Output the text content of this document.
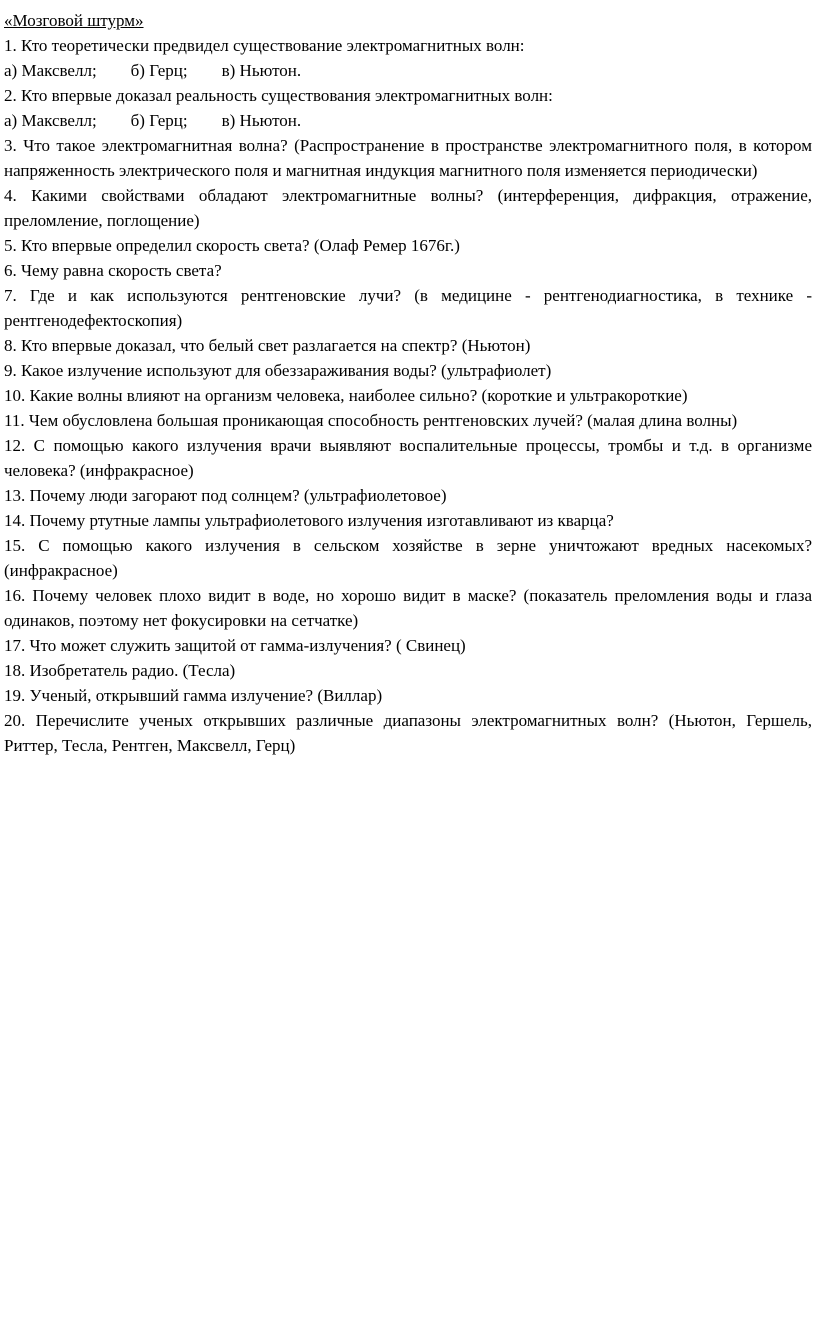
«Мозговой штурм»

1. Кто теоретически предвидел существование электромагнитных волн:

а) Максвелл;        б) Герц;        в) Ньютон.

2. Кто впервые доказал реальность существования электромагнитных волн:

а) Максвелл;        б) Герц;        в) Ньютон.

3. Что такое электромагнитная волна? (Распространение в пространстве электромагнитного поля, в котором напряженность электрического поля и магнитная индукция магнитного поля изменяется периодически)

4. Какими свойствами обладают электромагнитные волны? (интерференция, дифракция, отражение, преломление, поглощение)

5. Кто впервые определил скорость света? (Олаф Ремер 1676г.)

6. Чему равна скорость света?

7. Где и как используются рентгеновские лучи? (в медицине - рентгенодиагностика, в технике - рентгенодефектоскопия)

8. Кто впервые доказал, что белый свет разлагается на спектр? (Ньютон)

9. Какое излучение используют для обеззараживания воды? (ультрафиолет)

10. Какие волны влияют на организм человека, наиболее сильно? (короткие и ультракороткие)

11. Чем обусловлена большая проникающая способность рентгеновских лучей? (малая длина волны)

12. С помощью какого излучения врачи выявляют воспалительные процессы, тромбы и т.д. в организме человека? (инфракрасное)

13. Почему люди загорают под солнцем? (ультрафиолетовое)

14. Почему ртутные лампы ультрафиолетового излучения изготавливают из кварца?

15. С помощью какого излучения в сельском хозяйстве в зерне уничтожают вредных насекомых? (инфракрасное)

16. Почему человек плохо видит в воде, но хорошо видит в маске? (показатель преломления воды и глаза одинаков, поэтому нет фокусировки на сетчатке)

17. Что может служить защитой от гамма-излучения? ( Свинец)

18. Изобретатель радио. (Тесла)

19. Ученый, открывший гамма излучение? (Виллар)

20. Перечислите ученых открывших различные диапазоны электромагнитных волн? (Ньютон, Гершель, Риттер, Тесла, Рентген, Максвелл, Герц)
